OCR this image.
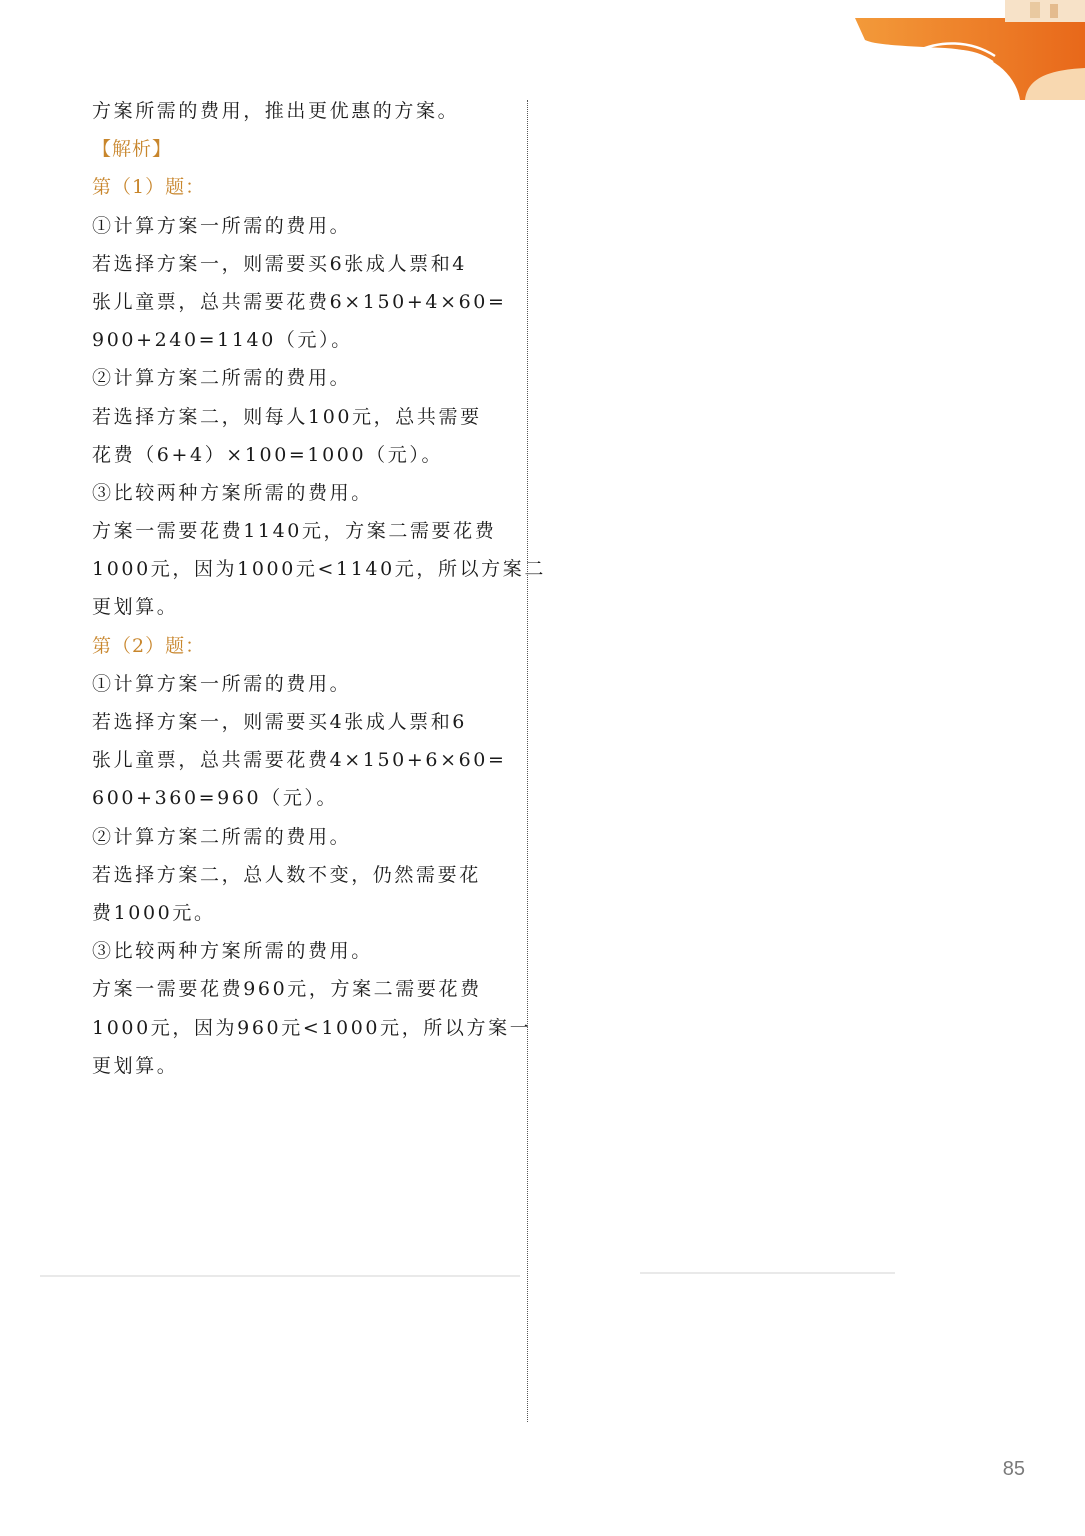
方案所需的费用，推出更优惠的方案。
【解析】
第（1）题：
①计算方案一所需的费用。
若选择方案一，则需要买6张成人票和4
张儿童票，总共需要花费6×150+4×60=
900+240=1140（元）。
②计算方案二所需的费用。
若选择方案二，则每人100元，总共需要
花费（6+4）×100=1000（元）。
③比较两种方案所需的费用。
方案一需要花费1140元，方案二需要花费
1000元，因为1000元<1140元，所以方案二
更划算。
第（2）题：
①计算方案一所需的费用。
若选择方案一，则需要买4张成人票和6
张儿童票，总共需要花费4×150+6×60=
600+360=960（元）。
②计算方案二所需的费用。
若选择方案二，总人数不变，仍然需要花
费1000元。
③比较两种方案所需的费用。
方案一需要花费960元，方案二需要花费
1000元，因为960元<1000元，所以方案一
更划算。
85
